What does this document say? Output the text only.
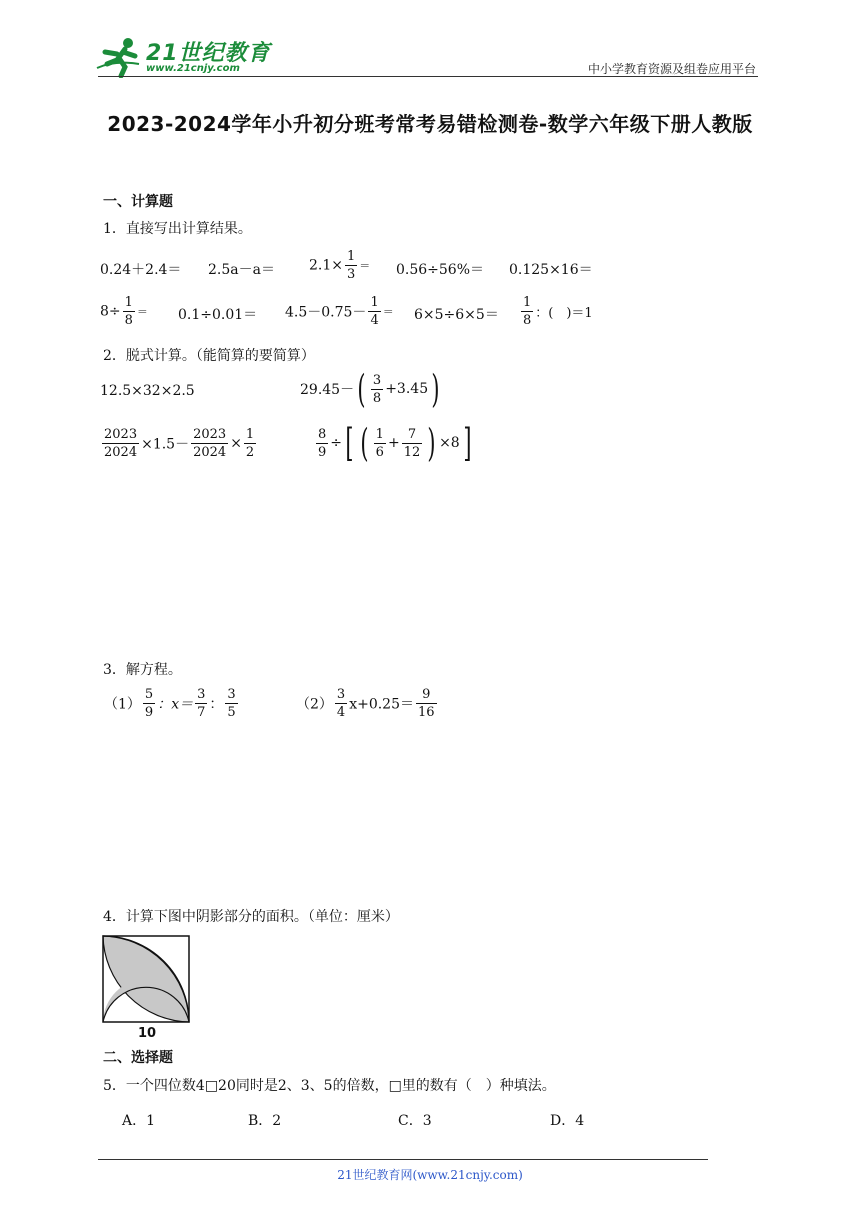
21世纪教育
www.21cnjy.com	中小学教育资源及组卷应用平台
2023-2024学年小升初分班考常考易错检测卷-数学六年级下册人教版
一、计算题
1．直接写出计算结果。
$0.24+2.4= 2.5a-a= 2.1\times \frac{1}{3} = 0.56\div 56\%= 0.125\times 16=$
$8\div \frac{1}{8} = 0.1\div 0.01= 4.5-0.75- \frac{1}{4} = 6\times 5\div 6\times 5= \frac{1}{8}$ ：(　)＝1
2．脱式计算。（能简算的要简算）
12.5×32×2.5	$29.45-( \frac{3}{8} +3.45)$
$\frac{2023}{2024} \times 1.5- \frac{2023}{2024} \times \frac{1}{2}$	$\frac{8}{9}$ ÷[ ( $\frac{1}{6} + \frac{7}{12}$ ) ×8]
3．解方程。
$(1) \frac{5}{9}$ ：$x= \frac{3}{7}$ ： $\frac{3}{5}$	$(2) \frac{3}{4} x+0.25= \frac{9}{16}$
4．计算下图中阴影部分的面积。（单位：厘米）
10
二、选择题
5．一个四位数4□20同时是2、3、5的倍数，□里的数有（　）种填法。
A．1	B．2	C．3	D．4
21世纪教育网(www.21cnjy.com)
